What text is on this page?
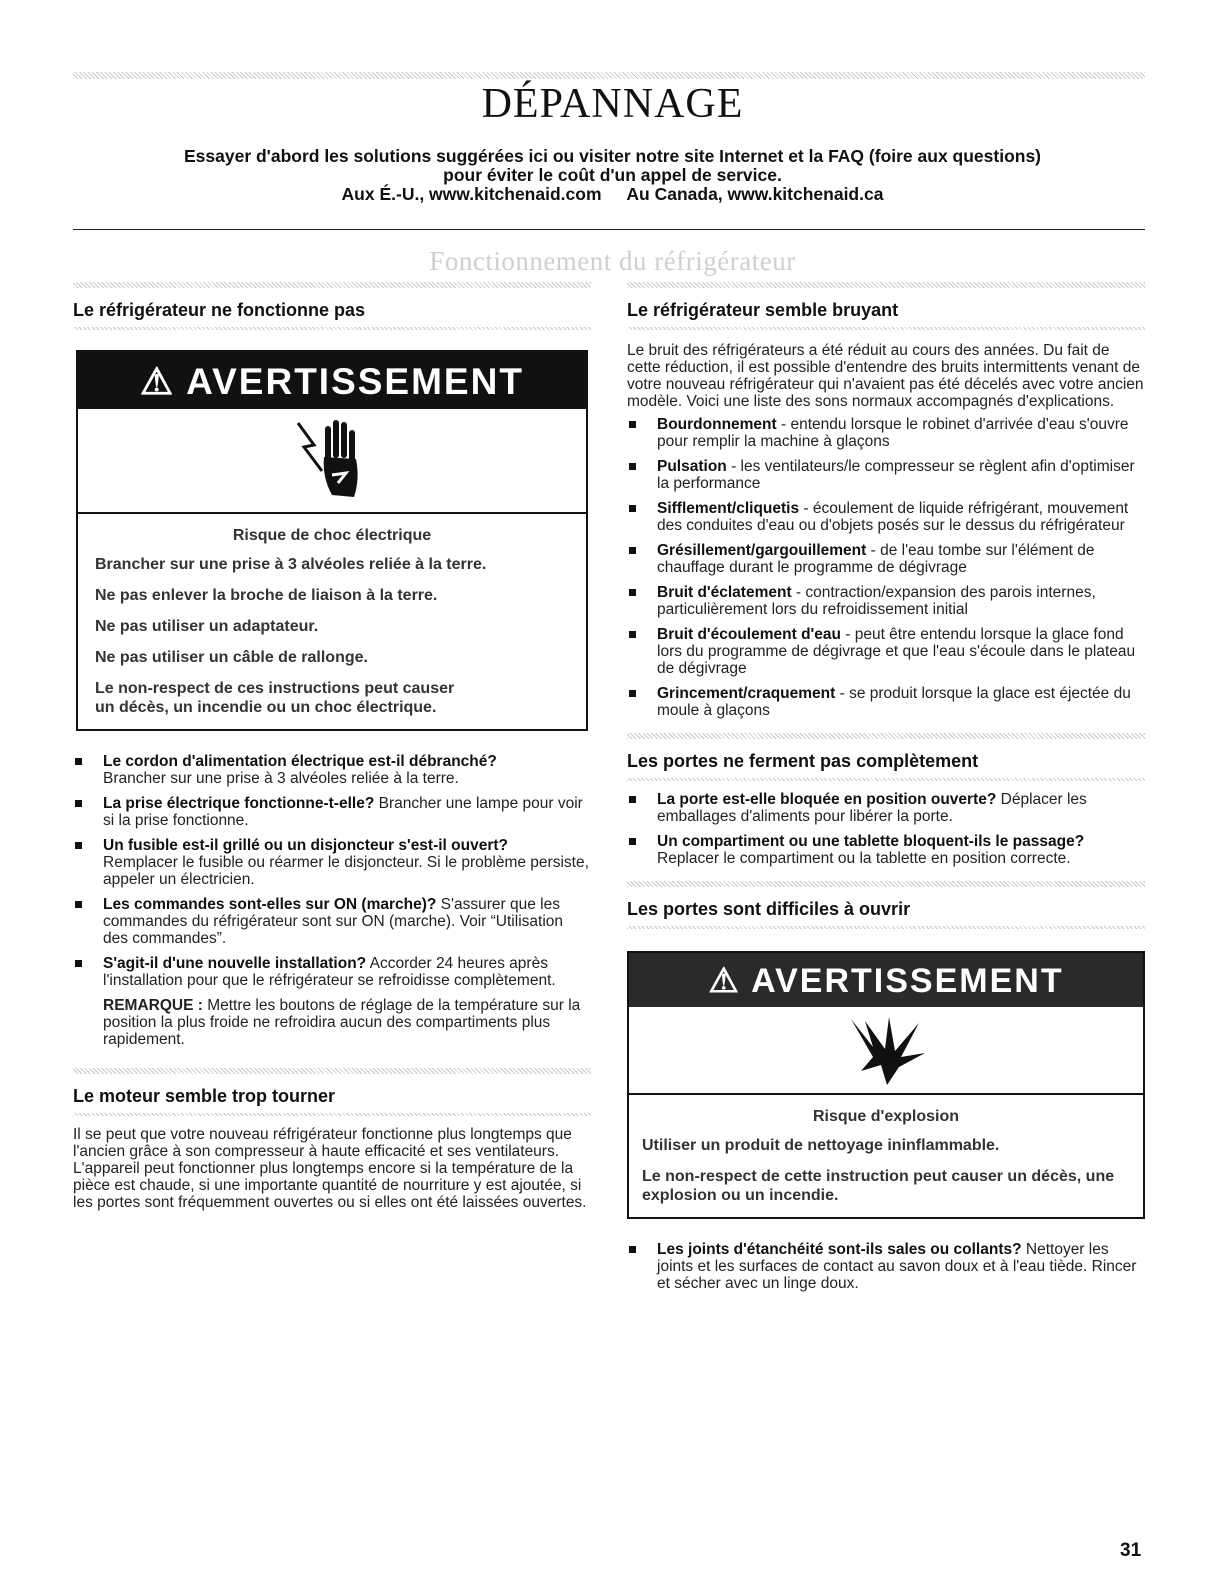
DÉPANNAGE
Essayer d'abord les solutions suggérées ici ou visiter notre site Internet et la FAQ (foire aux questions)
pour éviter le coût d'un appel de service.
Aux É.-U., www.kitchenaid.com Au Canada, www.kitchenaid.ca
Fonctionnement du réfrigérateur
Le réfrigérateur ne fonctionne pas
⚠ AVERTISSEMENT
Risque de choc électrique
Brancher sur une prise à 3 alvéoles reliée à la terre.
Ne pas enlever la broche de liaison à la terre.
Ne pas utiliser un adaptateur.
Ne pas utiliser un câble de rallonge.
Le non-respect de ces instructions peut causer
un décès, un incendie ou un choc électrique.
Le cordon d'alimentation électrique est-il débranché?
Brancher sur une prise à 3 alvéoles reliée à la terre.
La prise électrique fonctionne-t-elle? Brancher une lampe pour voir si la prise fonctionne.
Un fusible est-il grillé ou un disjoncteur s'est-il ouvert?
Remplacer le fusible ou réarmer le disjoncteur. Si le problème persiste, appeler un électricien.
Les commandes sont-elles sur ON (marche)? S'assurer que les commandes du réfrigérateur sont sur ON (marche). Voir “Utilisation des commandes”.
S'agit-il d'une nouvelle installation? Accorder 24 heures après l'installation pour que le réfrigérateur se refroidisse complètement.

REMARQUE : Mettre les boutons de réglage de la température sur la position la plus froide ne refroidira aucun des compartiments plus rapidement.

Le moteur semble trop tourner

Il se peut que votre nouveau réfrigérateur fonctionne plus longtemps que l'ancien grâce à son compresseur à haute efficacité et ses ventilateurs. L'appareil peut fonctionner plus longtemps encore si la température de la pièce est chaude, si une importante quantité de nourriture y est ajoutée, si les portes sont fréquemment ouvertes ou si elles ont été laissées ouvertes.

Le réfrigérateur semble bruyant

Le bruit des réfrigérateurs a été réduit au cours des années. Du fait de cette réduction, il est possible d'entendre des bruits intermittents venant de votre nouveau réfrigérateur qui n'avaient pas été décelés avec votre ancien modèle. Voici une liste des sons normaux accompagnés d'explications.

Bourdonnement - entendu lorsque le robinet d'arrivée d'eau s'ouvre pour remplir la machine à glaçons
Pulsation - les ventilateurs/le compresseur se règlent afin d'optimiser la performance
Sifflement/cliquetis - écoulement de liquide réfrigérant, mouvement des conduites d'eau ou d'objets posés sur le dessus du réfrigérateur
Grésillement/gargouillement - de l'eau tombe sur l'élément de chauffage durant le programme de dégivrage
Bruit d'éclatement - contraction/expansion des parois internes, particulièrement lors du refroidissement initial
Bruit d'écoulement d'eau - peut être entendu lorsque la glace fond lors du programme de dégivrage et que l'eau s'écoule dans le plateau de dégivrage
Grincement/craquement - se produit lorsque la glace est éjectée du moule à glaçons
Les portes ne ferment pas complètement
La porte est-elle bloquée en position ouverte? Déplacer les emballages d'aliments pour libérer la porte.
Un compartiment ou une tablette bloquent-ils le passage? Replacer le compartiment ou la tablette en position correcte.
Les portes sont difficiles à ouvrir
⚠ AVERTISSEMENT
Risque d'explosion
Utiliser un produit de nettoyage ininflammable.
Le non-respect de cette instruction peut causer un décès, une explosion ou un incendie.
Les joints d'étanchéité sont-ils sales ou collants? Nettoyer les joints et les surfaces de contact au savon doux et à l'eau tiède. Rincer et sécher avec un linge doux.
31
